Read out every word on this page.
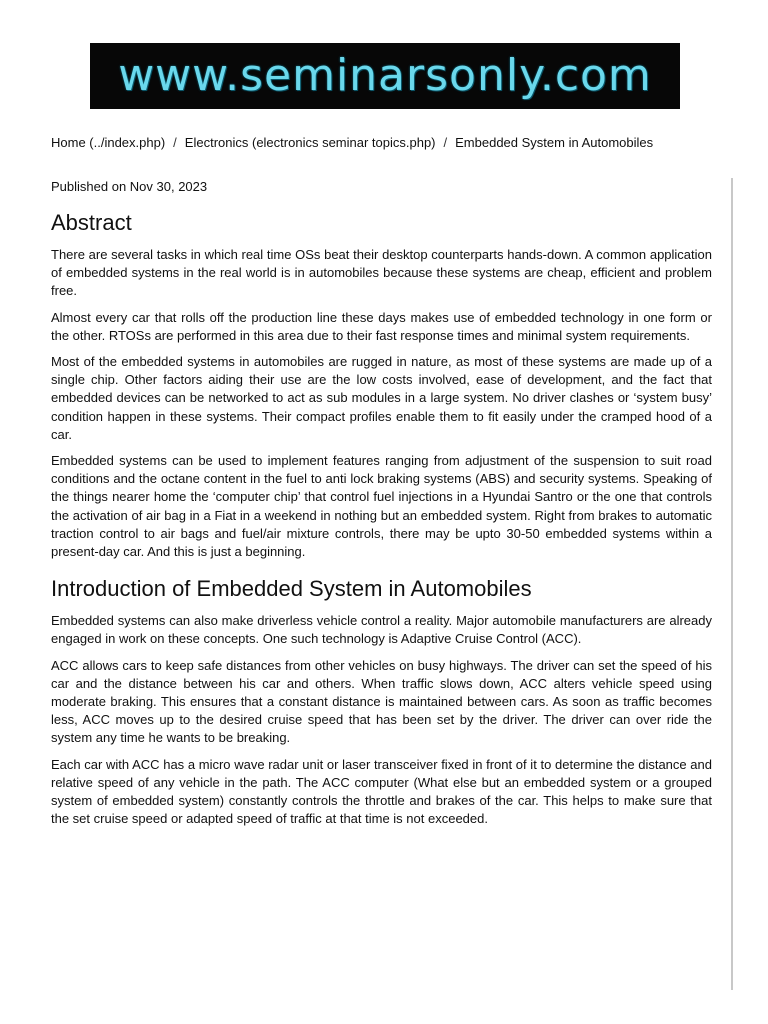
www.seminarsonly.com
Home (../index.php) / Electronics (electronics seminar topics.php) / Embedded System in Automobiles
Published on Nov 30, 2023
Abstract

There are several tasks in which real time OSs beat their desktop counterparts hands-down. A common application of embedded systems in the real world is in automobiles because these systems are cheap, efficient and problem free.

Almost every car that rolls off the production line these days makes use of embedded technology in one form or the other. RTOSs are performed in this area due to their fast response times and minimal system requirements.

Most of the embedded systems in automobiles are rugged in nature, as most of these systems are made up of a single chip. Other factors aiding their use are the low costs involved, ease of development, and the fact that embedded devices can be networked to act as sub modules in a large system. No driver clashes or ‘system busy’ condition happen in these systems. Their compact profiles enable them to fit easily under the cramped hood of a car.

Embedded systems can be used to implement features ranging from adjustment of the suspension to suit road conditions and the octane content in the fuel to anti lock braking systems (ABS) and security systems. Speaking of the things nearer home the ‘computer chip’ that control fuel injections in a Hyundai Santro or the one that controls the activation of air bag in a Fiat in a weekend in nothing but an embedded system. Right from brakes to automatic traction control to air bags and fuel/air mixture controls, there may be upto 30-50 embedded systems within a present-day car. And this is just a beginning.

Introduction of Embedded System in Automobiles

Embedded systems can also make driverless vehicle control a reality. Major automobile manufacturers are already engaged in work on these concepts. One such technology is Adaptive Cruise Control (ACC).

ACC allows cars to keep safe distances from other vehicles on busy highways. The driver can set the speed of his car and the distance between his car and others. When traffic slows down, ACC alters vehicle speed using moderate braking. This ensures that a constant distance is maintained between cars. As soon as traffic becomes less, ACC moves up to the desired cruise speed that has been set by the driver. The driver can over ride the system any time he wants to be breaking.

Each car with ACC has a micro wave radar unit or laser transceiver fixed in front of it to determine the distance and relative speed of any vehicle in the path. The ACC computer (What else but an embedded system or a grouped system of embedded system) constantly controls the throttle and brakes of the car. This helps to make sure that the set cruise speed or adapted speed of traffic at that time is not exceeded.
